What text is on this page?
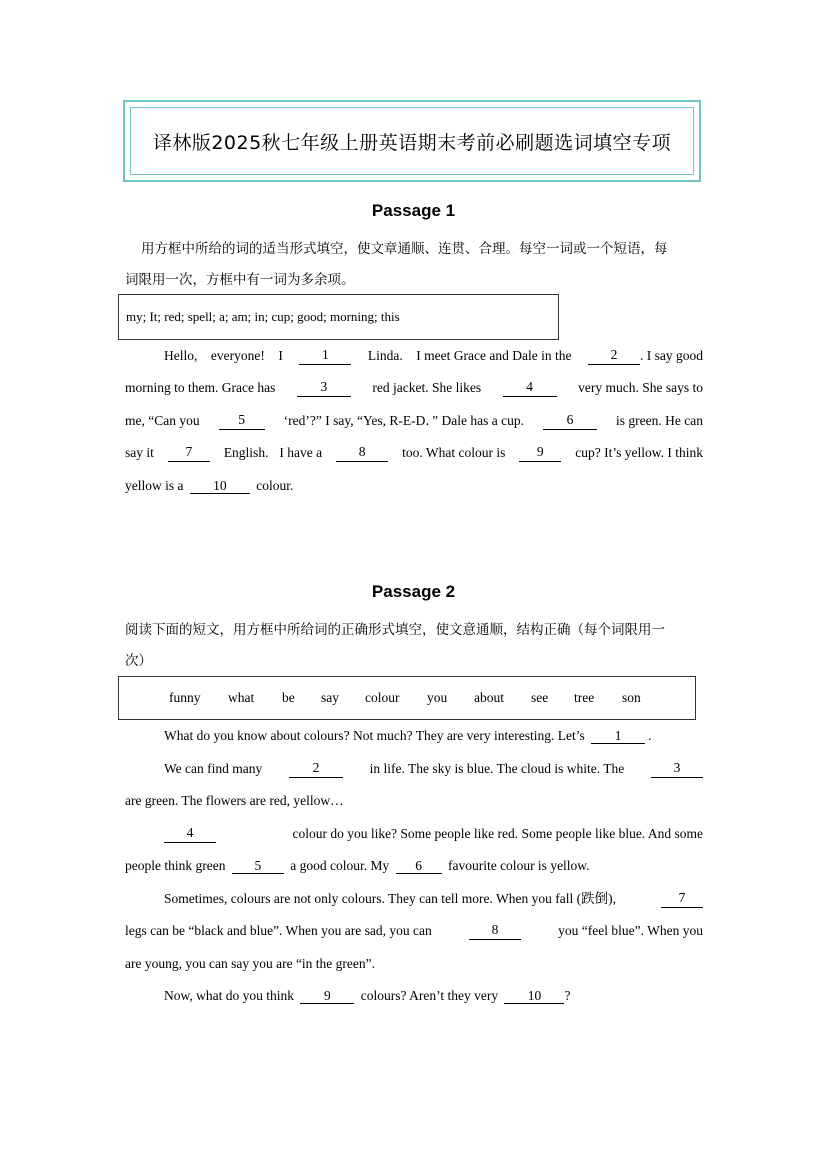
译林版2025秋七年级上册英语期末考前必刷题选词填空专项
Passage 1
用方框中所给的词的适当形式填空，使文章通顺、连贯、合理。每空一词或一个短语，每
词限用一次，方框中有一词为多余项。
my; It; red; spell; a; am; in; cup; good; morning; this
Hello, everyone! I	1	Linda. I meet Grace and Dale in the	2	. I say good
morning to them. Grace has	3	red jacket. She likes	4	very much. She says to
me, “Can you	5	‘red’?” I say, “Yes, R-E-D．” Dale has a cup.	6	is green. He can
say it	7	English. I have a	8	too. What colour is	9	cup? It’s yellow. I think
yellow is a 10 colour.
Passage 2
阅读下面的短文，用方框中所给词的正确形式填空，使文意通顺，结构正确（每个词限用一
次）
funny what be say colour you about see tree son
What do you know about colours? Not much? They are very interesting. Let’s 1 .
We can find many	2	in life. The sky is blue. The cloud is white. The	3
are green. The flowers are red, yellow…
4	colour do you like? Some people like red. Some people like blue. And some
people think green 5 a good colour. My 6 favourite colour is yellow.
Sometimes, colours are not only colours. They can tell more. When you fall (跌倒),	7
legs can be “black and blue”. When you are sad, you can	8	you “feel blue”. When you
are young, you can say you are “in the green”.
Now, what do you think 9 colours? Aren’t they very 10 ?
